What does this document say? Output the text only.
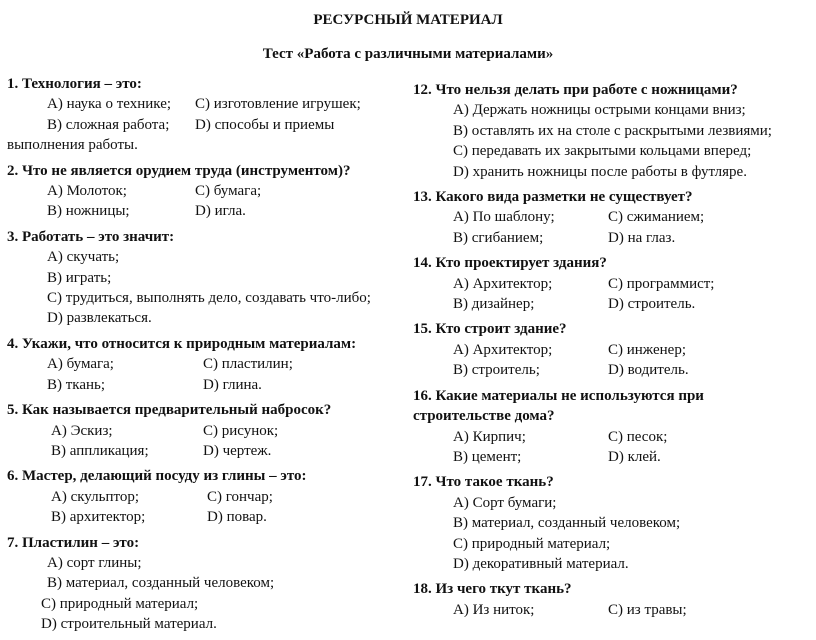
РЕСУРСНЫЙ МАТЕРИАЛ
Тест «Работа с различными материалами»
1. Технология – это:
А) наука о технике;	С) изготовление игрушек;
В) сложная работа;	D) способы и приемы
выполнения работы.
2. Что не является орудием труда (инструментом)?
А) Молоток;	С) бумага;
В) ножницы;	D) игла.
3. Работать – это значит:
А) скучать;
В) играть;
С) трудиться, выполнять дело, создавать что-либо;
D) развлекаться.
4. Укажи, что относится к природным материалам:
А) бумага;	С) пластилин;
В) ткань;	D) глина.
5. Как называется предварительный набросок?
А) Эскиз;	С) рисунок;
В) аппликация;	D) чертеж.
6. Мастер, делающий посуду из глины – это:
А) скульптор;	С) гончар;
В) архитектор;	D) повар.
7. Пластилин – это:
А) сорт глины;
В) материал, созданный человеком;
С) природный материал;
D) строительный материал.
12. Что нельзя делать при работе с ножницами?
А) Держать ножницы острыми концами вниз;
В) оставлять их на столе с раскрытыми лезвиями;
С) передавать их закрытыми кольцами вперед;
D) хранить ножницы после работы в футляре.
13. Какого вида разметки не существует?
А) По шаблону;	С) сжиманием;
В) сгибанием;	D) на глаз.
14. Кто проектирует здания?
А) Архитектор;	С) программист;
В) дизайнер;	D) строитель.
15. Кто строит здание?
А) Архитектор;	С) инженер;
В) строитель;	D) водитель.
16. Какие материалы не используются при
строительстве дома?
А) Кирпич;	С) песок;
В) цемент;	D) клей.
17. Что такое ткань?
А) Сорт бумаги;
В) материал, созданный человеком;
С) природный материал;
D) декоративный материал.
18. Из чего ткут ткань?
А) Из ниток;	С) из травы;
